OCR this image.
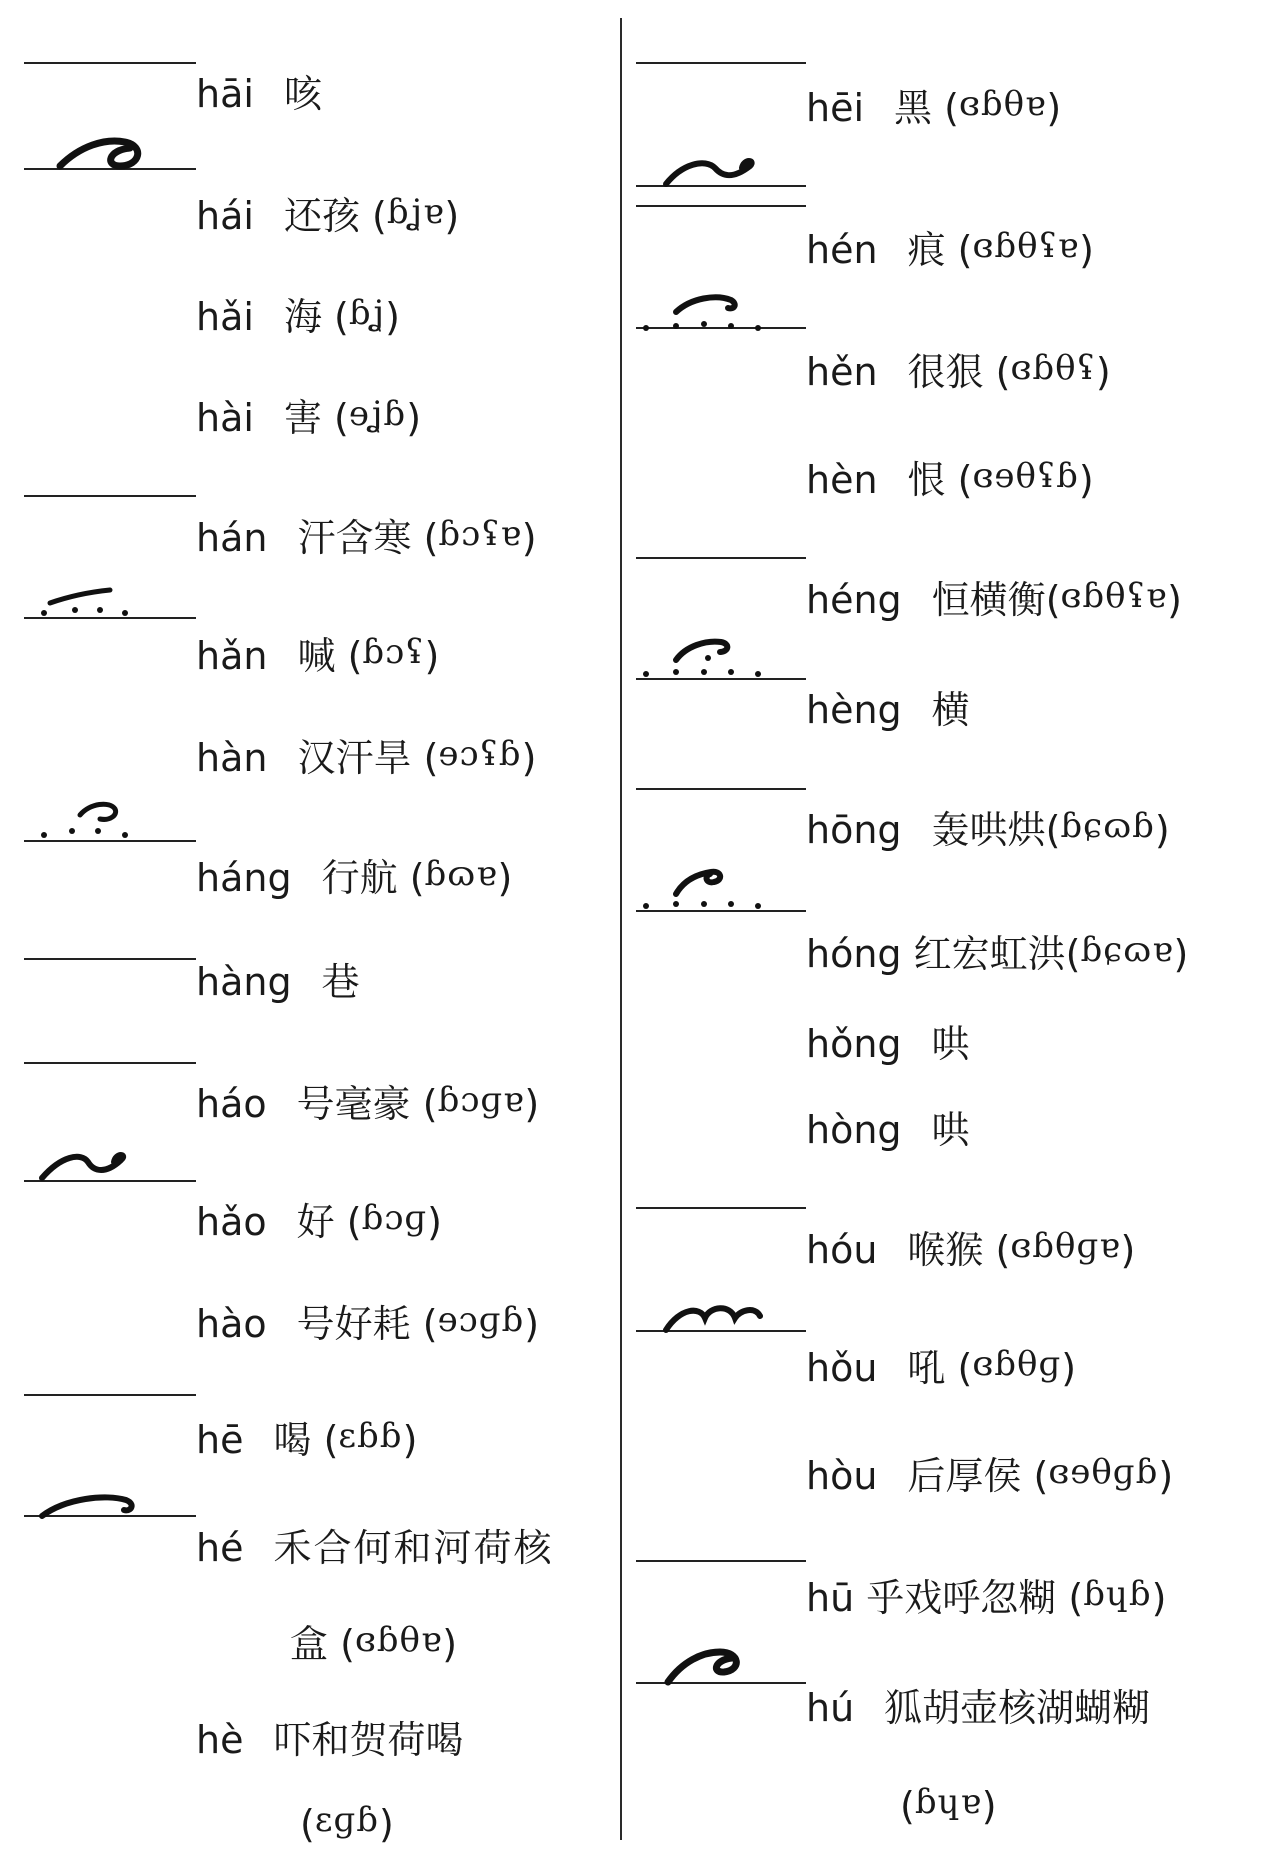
hāi 咳
hái 还孩 (ɓʝɐ)
hǎi 海 (ɓʝ)
hài 害 (ɘʝɓ)
hán 汗含寒 (ɓɔʢɐ)
hǎn 喊 (ɓɔʢ)
hàn 汉汗旱 (ɘɔʢɓ)
háng 行航 (ɓɷɐ)
hàng 巷
háo 号毫豪 (ɓɔɡɐ)
hǎo 好 (ɓɔɡ)
hào 号好耗 (ɘɔɡɓ)
hē 喝 (ɛɓɓ)
hé 禾合何和河荷核
盒 (ɞɓθɐ)
hè 吓和贺荷喝
(ɛɡɓ)
hēi 黑 (ɞɓθɐ)
hén 痕 (ɞɓθʢɐ)
hěn 很狠 (ɞɓθʢ)
hèn 恨 (ɞɘθʢɓ)
héng 恒横衡(ɞɓθʢɐ)
hèng 横
hōng 轰哄烘(ɓɕɷɓ)
hóng 红宏虹洪(ɓɕɷɐ)
hǒng 哄
hòng 哄
hóu 喉猴 (ɞɓθɡɐ)
hǒu 吼 (ɞɓθɡ)
hòu 后厚侯 (ɞɘθɡɓ)
hū 乎戏呼忽糊 (ɓɥɓ)
hú 狐胡壶核湖蝴糊
(ɓɥɐ)
